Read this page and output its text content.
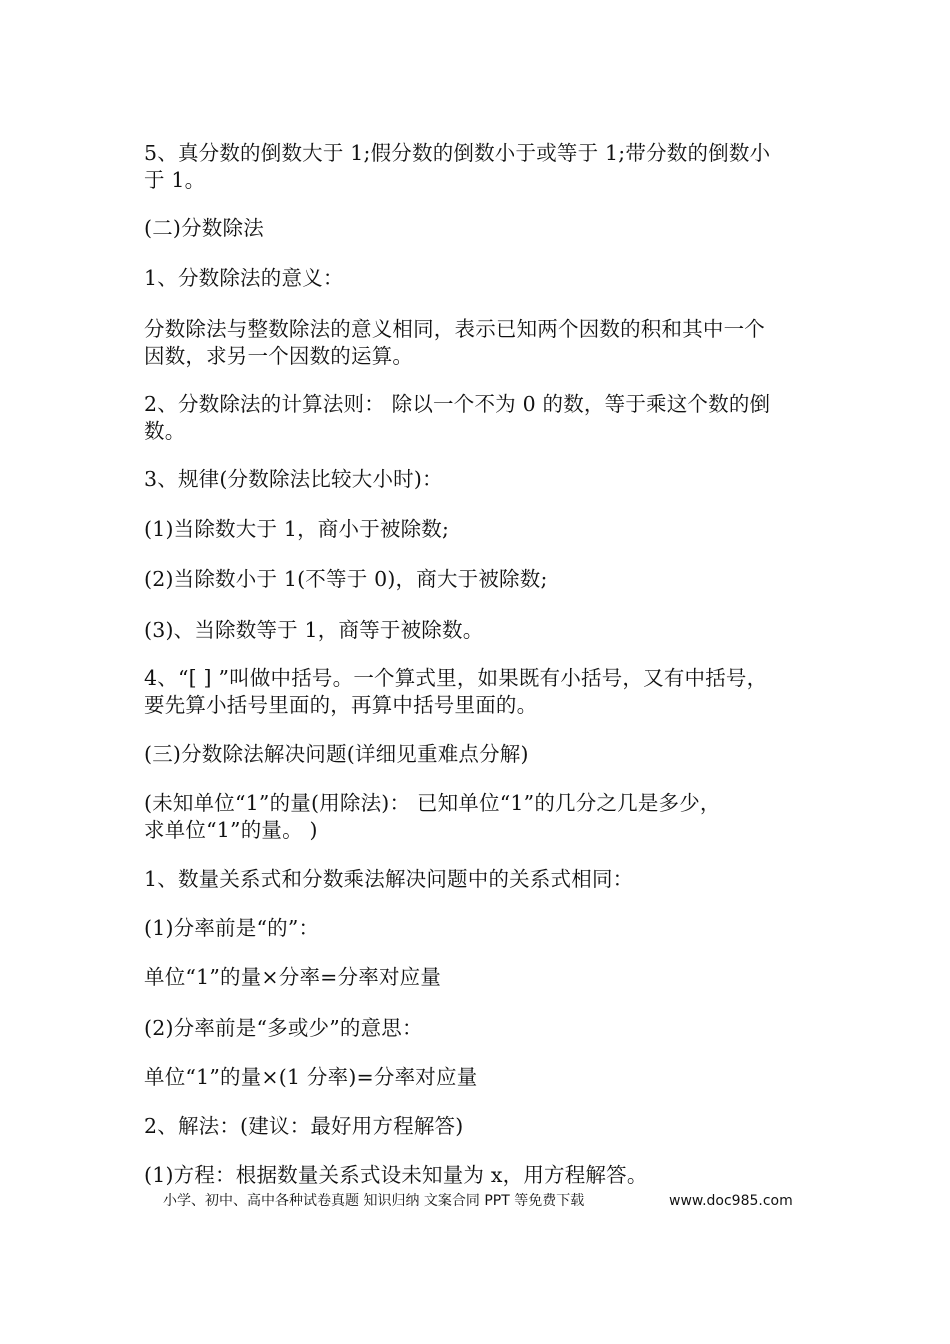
5、真分数的倒数大于 1;假分数的倒数小于或等于 1;带分数的倒数小
于 1。
(二)分数除法
1、分数除法的意义：
分数除法与整数除法的意义相同，表示已知两个因数的积和其中一个
因数，求另一个因数的运算。
2、分数除法的计算法则： 除以一个不为 0 的数，等于乘这个数的倒
数。
3、规律(分数除法比较大小时)：
(1)当除数大于 1，商小于被除数;
(2)当除数小于 1(不等于 0)，商大于被除数;
(3)、当除数等于 1，商等于被除数。
4、“[ ] ”叫做中括号。一个算式里，如果既有小括号，又有中括号，
要先算小括号里面的，再算中括号里面的。
(三)分数除法解决问题(详细见重难点分解)
(未知单位“1”的量(用除法)： 已知单位“1”的几分之几是多少，
求单位“1”的量。 )
1、数量关系式和分数乘法解决问题中的关系式相同：
(1)分率前是“的”：
单位“1”的量×分率=分率对应量
(2)分率前是“多或少”的意思：
单位“1”的量×(1 分率)=分率对应量
2、解法：(建议：最好用方程解答)
(1)方程：根据数量关系式设未知量为 x，用方程解答。
小学、初中、高中各种试卷真题 知识归纳 文案合同 PPT 等免费下载	www.doc985.com
